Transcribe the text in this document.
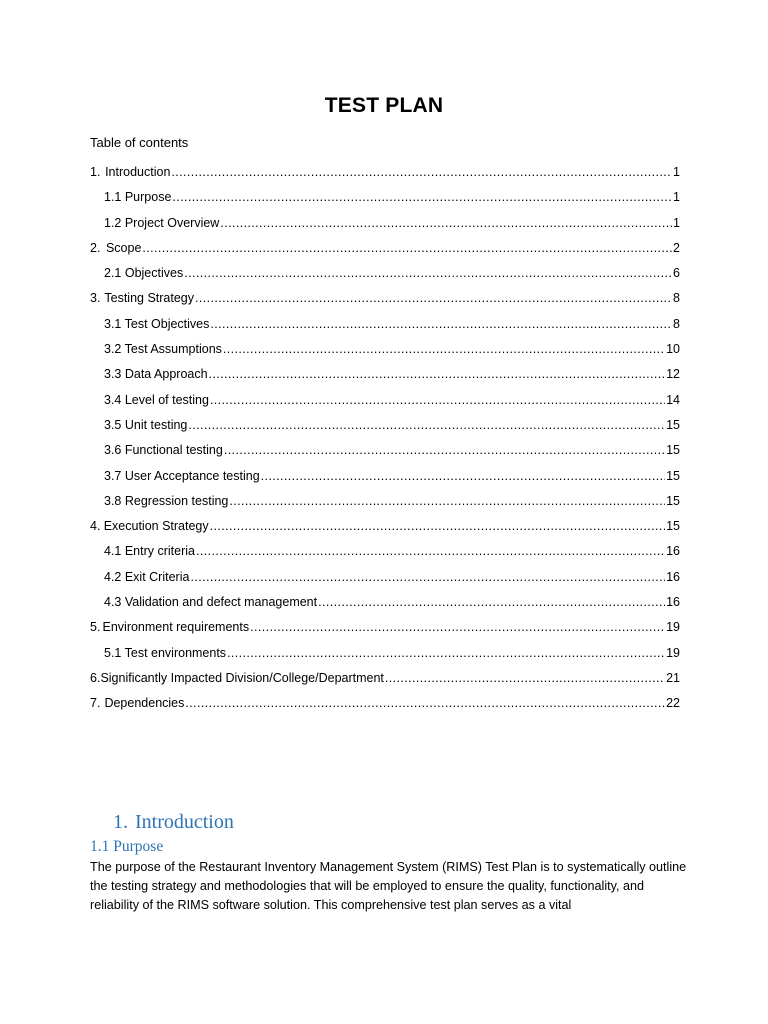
TEST PLAN
Table of contents
1. Introduction .....	1
1.1 Purpose .....	1
1.2 Project Overview .....	1
2. Scope .....	2
2.1 Objectives .....	6
3. Testing Strategy .....	8
3.1 Test Objectives .....	8
3.2 Test Assumptions .....	10
3.3 Data Approach .....	12
3.4 Level of testing .....	14
3.5 Unit testing .....	15
3.6 Functional testing .....	15
3.7 User Acceptance testing .....	15
3.8 Regression testing .....	15
4. Execution Strategy .....	15
4.1 Entry criteria .....	16
4.2 Exit Criteria .....	16
4.3 Validation and defect management .....	16
5. Environment requirements .....	19
5.1 Test environments .....	19
6. Significantly Impacted Division/College/Department .....	21
7. Dependencies .....	22
1. Introduction
1.1 Purpose

The purpose of the Restaurant Inventory Management System (RIMS) Test Plan is to systematically outline the testing strategy and methodologies that will be employed to ensure the quality, functionality, and reliability of the RIMS software solution. This comprehensive test plan serves as a vital
